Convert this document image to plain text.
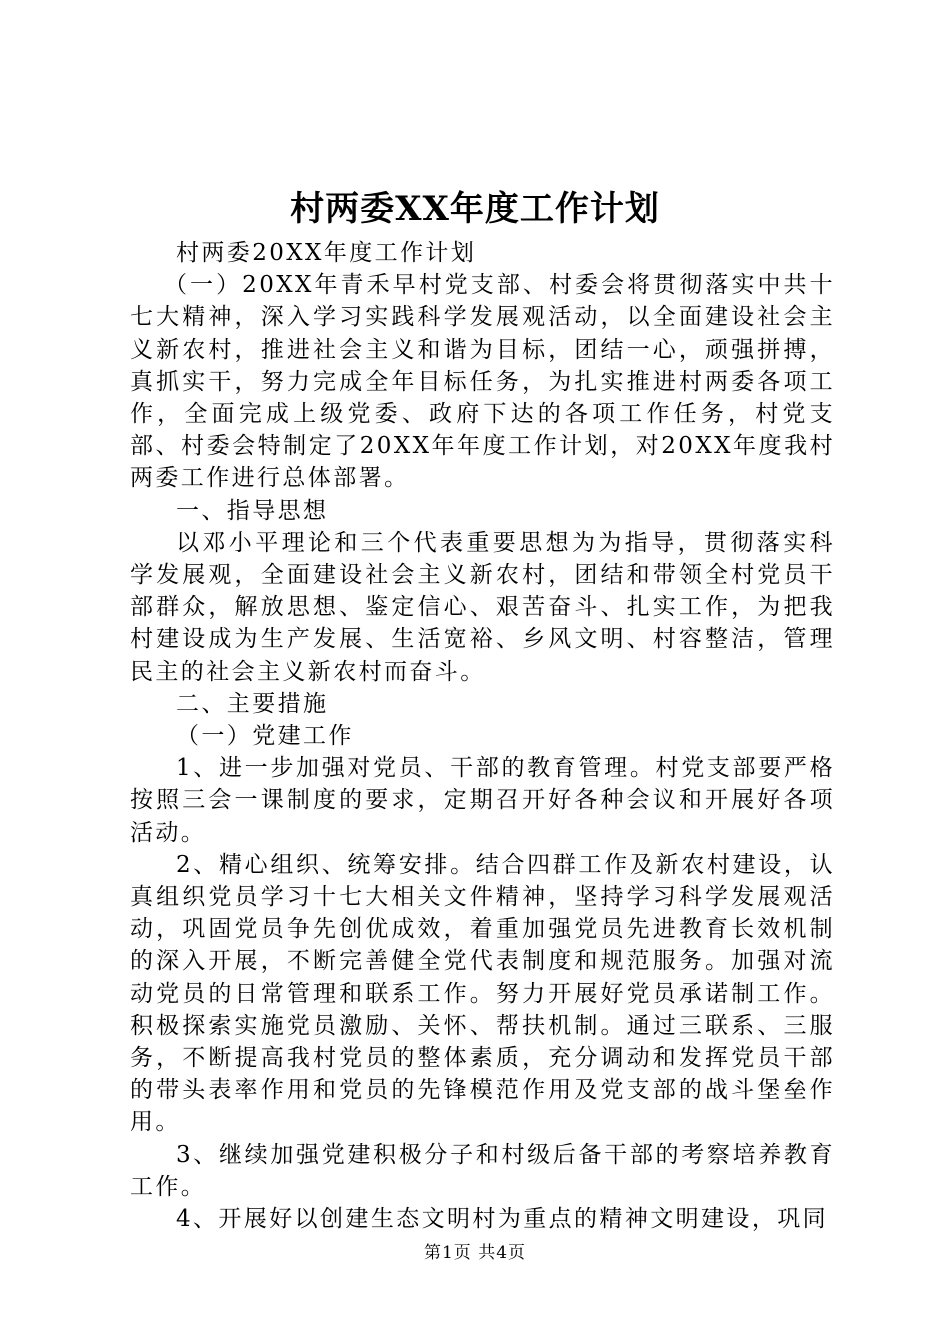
村两委XX年度工作计划

村两委20XX年度工作计划

（一）20XX年青禾早村党支部、村委会将贯彻落实中共十七大精神，深入学习实践科学发展观活动，以全面建设社会主义新农村，推进社会主义和谐为目标，团结一心，顽强拼搏，真抓实干，努力完成全年目标任务，为扎实推进村两委各项工作，全面完成上级党委、政府下达的各项工作任务，村党支部、村委会特制定了20XX年年度工作计划，对20XX年度我村两委工作进行总体部署。

一、指导思想

以邓小平理论和三个代表重要思想为为指导，贯彻落实科学发展观，全面建设社会主义新农村，团结和带领全村党员干部群众，解放思想、鉴定信心、艰苦奋斗、扎实工作，为把我村建设成为生产发展、生活宽裕、乡风文明、村容整洁，管理民主的社会主义新农村而奋斗。

二、主要措施

（一）党建工作

1、进一步加强对党员、干部的教育管理。村党支部要严格按照三会一课制度的要求，定期召开好各种会议和开展好各项活动。

2、精心组织、统筹安排。结合四群工作及新农村建设，认真组织党员学习十七大相关文件精神，坚持学习科学发展观活动，巩固党员争先创优成效，着重加强党员先进教育长效机制的深入开展，不断完善健全党代表制度和规范服务。加强对流动党员的日常管理和联系工作。努力开展好党员承诺制工作。积极探索实施党员激励、关怀、帮扶机制。通过三联系、三服务，不断提高我村党员的整体素质，充分调动和发挥党员干部的带头表率作用和党员的先锋模范作用及党支部的战斗堡垒作用。

3、继续加强党建积极分子和村级后备干部的考察培养教育工作。

4、开展好以创建生态文明村为重点的精神文明建设，巩同

第1页 共4页
